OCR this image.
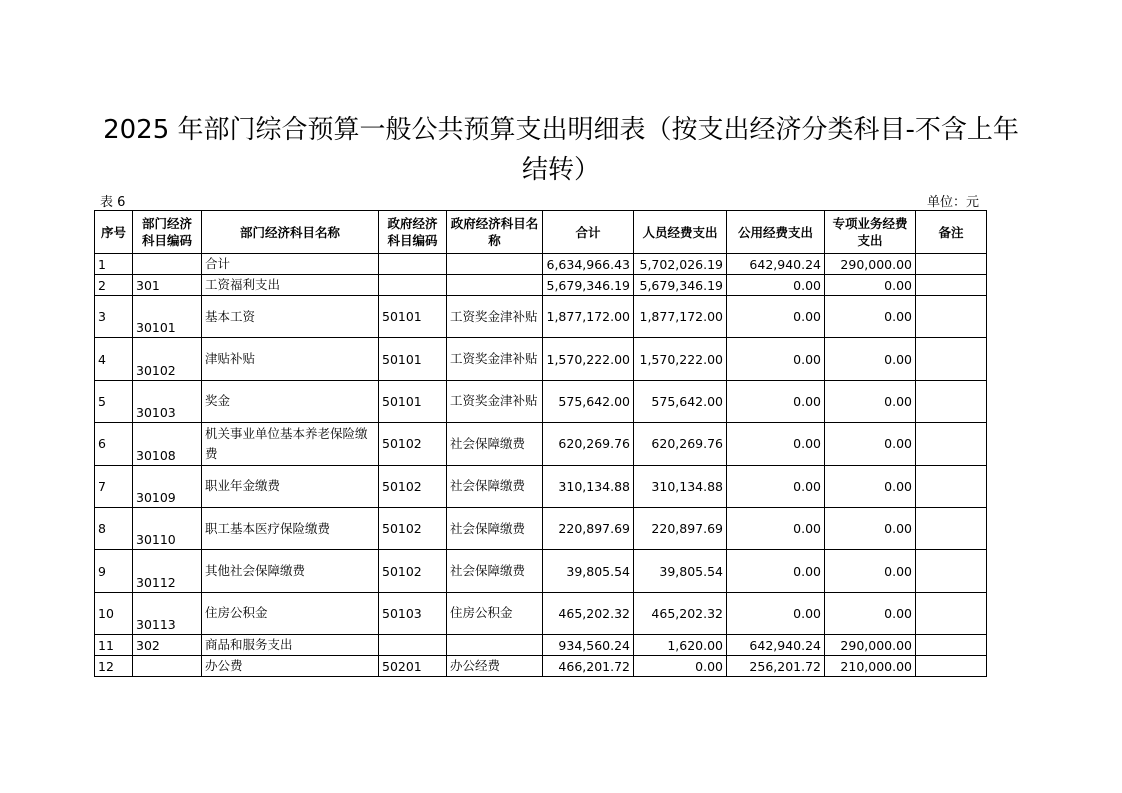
2025 年部门综合预算一般公共预算支出明细表（按支出经济分类科目-不含上年结转）
表 6	单位：元
序号	部门经济科目编码	部门经济科目名称	政府经济科目编码	政府经济科目名称	合计	人员经费支出	公用经费支出	专项业务经费支出	备注
1		合计			6,634,966.43	5,702,026.19	642,940.24	290,000.00	
2	301	工资福利支出			5,679,346.19	5,679,346.19	0.00	0.00	
3	30101	基本工资	50101	工资奖金津补贴	1,877,172.00	1,877,172.00	0.00	0.00	
4	30102	津贴补贴	50101	工资奖金津补贴	1,570,222.00	1,570,222.00	0.00	0.00	
5	30103	奖金	50101	工资奖金津补贴	575,642.00	575,642.00	0.00	0.00	
6	30108	机关事业单位基本养老保险缴费	50102	社会保障缴费	620,269.76	620,269.76	0.00	0.00	
7	30109	职业年金缴费	50102	社会保障缴费	310,134.88	310,134.88	0.00	0.00	
8	30110	职工基本医疗保险缴费	50102	社会保障缴费	220,897.69	220,897.69	0.00	0.00	
9	30112	其他社会保障缴费	50102	社会保障缴费	39,805.54	39,805.54	0.00	0.00	
10	30113	住房公积金	50103	住房公积金	465,202.32	465,202.32	0.00	0.00	
11	302	商品和服务支出			934,560.24	1,620.00	642,940.24	290,000.00	
12		办公费	50201	办公经费	466,201.72	0.00	256,201.72	210,000.00	
